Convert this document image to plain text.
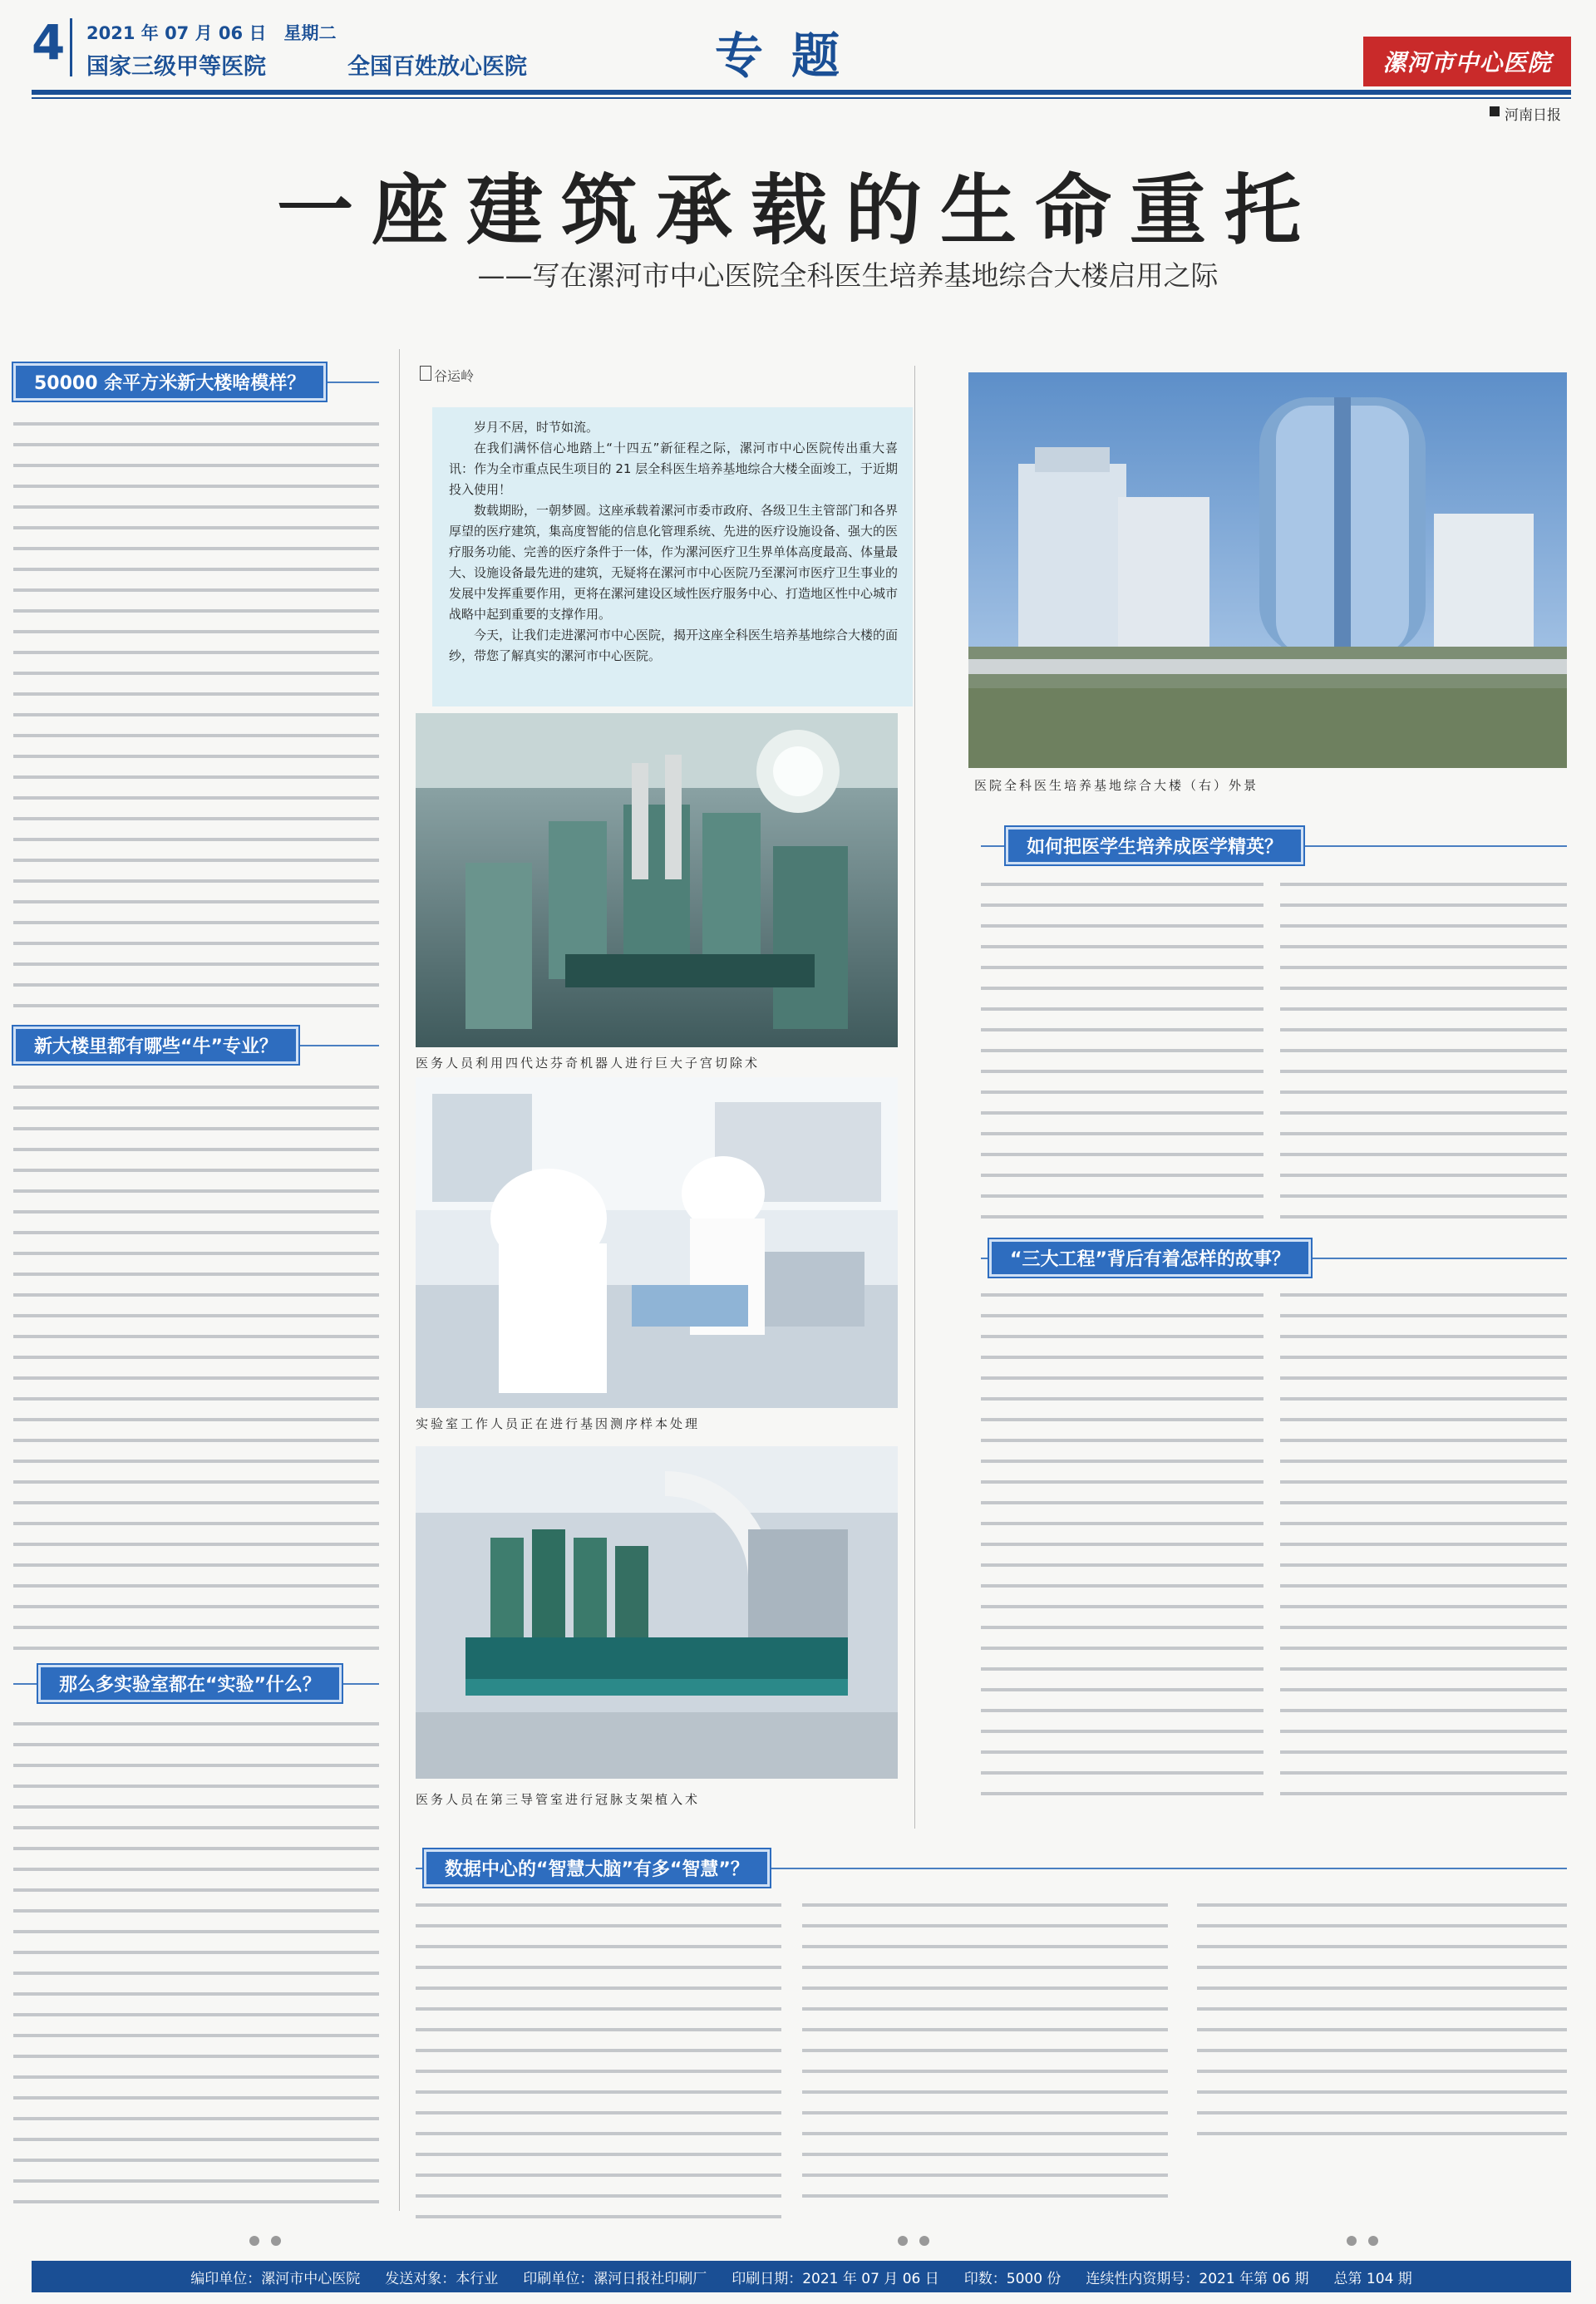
4 2021 年 07 月 06 日　星期二
国家三级甲等医院	全国百姓放心医院	专题	漯河市中心医院
河南日报
一座建筑承载的生命重托
——写在漯河市中心医院全科医生培养基地综合大楼启用之际
50000 余平方米新大楼啥模样？
新大楼里都有哪些“牛”专业？
那么多实验室都在“实验”什么？
谷运岭

岁月不居，时节如流。

在我们满怀信心地踏上“十四五”新征程之际，漯河市中心医院传出重大喜讯：作为全市重点民生项目的 21 层全科医生培养基地综合大楼全面竣工，于近期投入使用！

数载期盼，一朝梦圆。这座承载着漯河市委市政府、各级卫生主管部门和各界厚望的医疗建筑，集高度智能的信息化管理系统、先进的医疗设施设备、强大的医疗服务功能、完善的医疗条件于一体，作为漯河医疗卫生界单体高度最高、体量最大、设施设备最先进的建筑，无疑将在漯河市中心医院乃至漯河市医疗卫生事业的发展中发挥重要作用，更将在漯河建设区域性医疗服务中心、打造地区性中心城市战略中起到重要的支撑作用。

今天，让我们走进漯河市中心医院，揭开这座全科医生培养基地综合大楼的面纱，带您了解真实的漯河市中心医院。

医务人员利用四代达芬奇机器人进行巨大子宫切除术
实验室工作人员正在进行基因测序样本处理
医务人员在第三导管室进行冠脉支架植入术
医院全科医生培养基地综合大楼（右）外景
如何把医学生培养成医学精英？
“三大工程”背后有着怎样的故事？
数据中心的“智慧大脑”有多“智慧”？
编印单位：漯河市中心医院 发送对象：本行业 印刷单位：漯河日报社印刷厂 印刷日期：2021 年 07 月 06 日 印数：5000 份 连续性内资期号：2021 年第 06 期 总第 104 期
